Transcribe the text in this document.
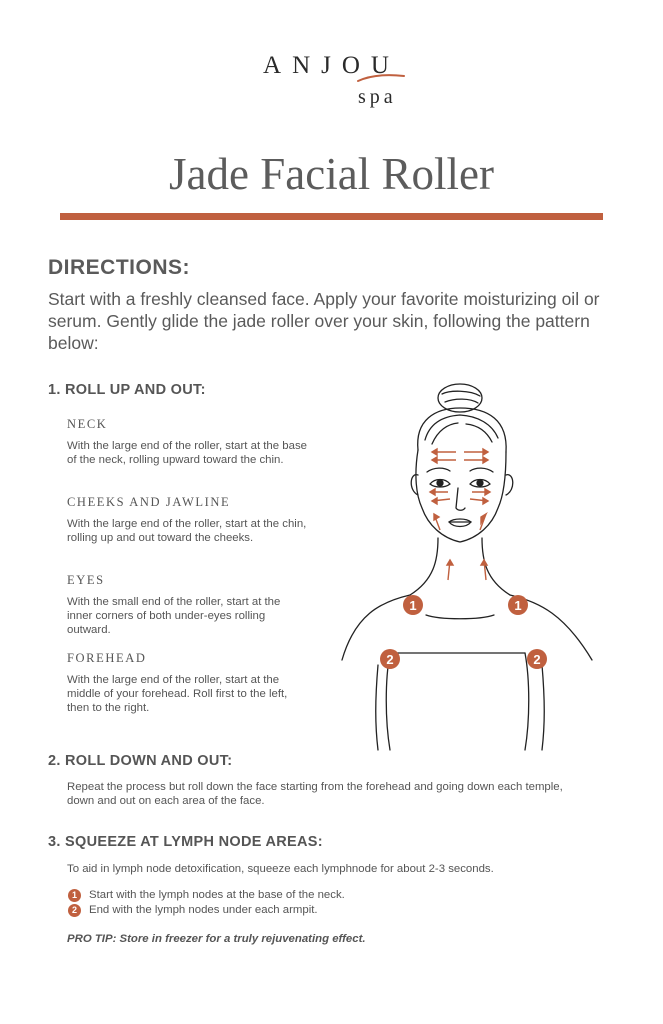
ANJOU
spa
Jade Facial Roller
DIRECTIONS:
Start with a freshly cleansed face. Apply your favorite moisturizing oil or serum. Gently glide the jade roller over your skin, following the pattern below:
1. ROLL UP AND OUT:
NECK
With the large end of the roller, start at the base of the neck, rolling upward toward the chin.
CHEEKS AND JAWLINE
With the large end of the roller, start at the chin, rolling up and out toward the cheeks.
EYES
With the small end of the roller, start at the inner corners of both under-eyes rolling outward.
FOREHEAD
With the large end of the roller, start at the middle of your forehead. Roll first to the left, then to the right.
1	1
2	2
2. ROLL DOWN AND OUT:
Repeat the process but roll down the face starting from the forehead and going down each temple, down and out on each area of the face.
3. SQUEEZE AT LYMPH NODE AREAS:
To aid in lymph node detoxification, squeeze each lymphnode for about 2-3 seconds.
1	Start with the lymph nodes at the base of the neck.
2	End with the lymph nodes under each armpit.
PRO TIP: Store in freezer for a truly rejuvenating effect.
